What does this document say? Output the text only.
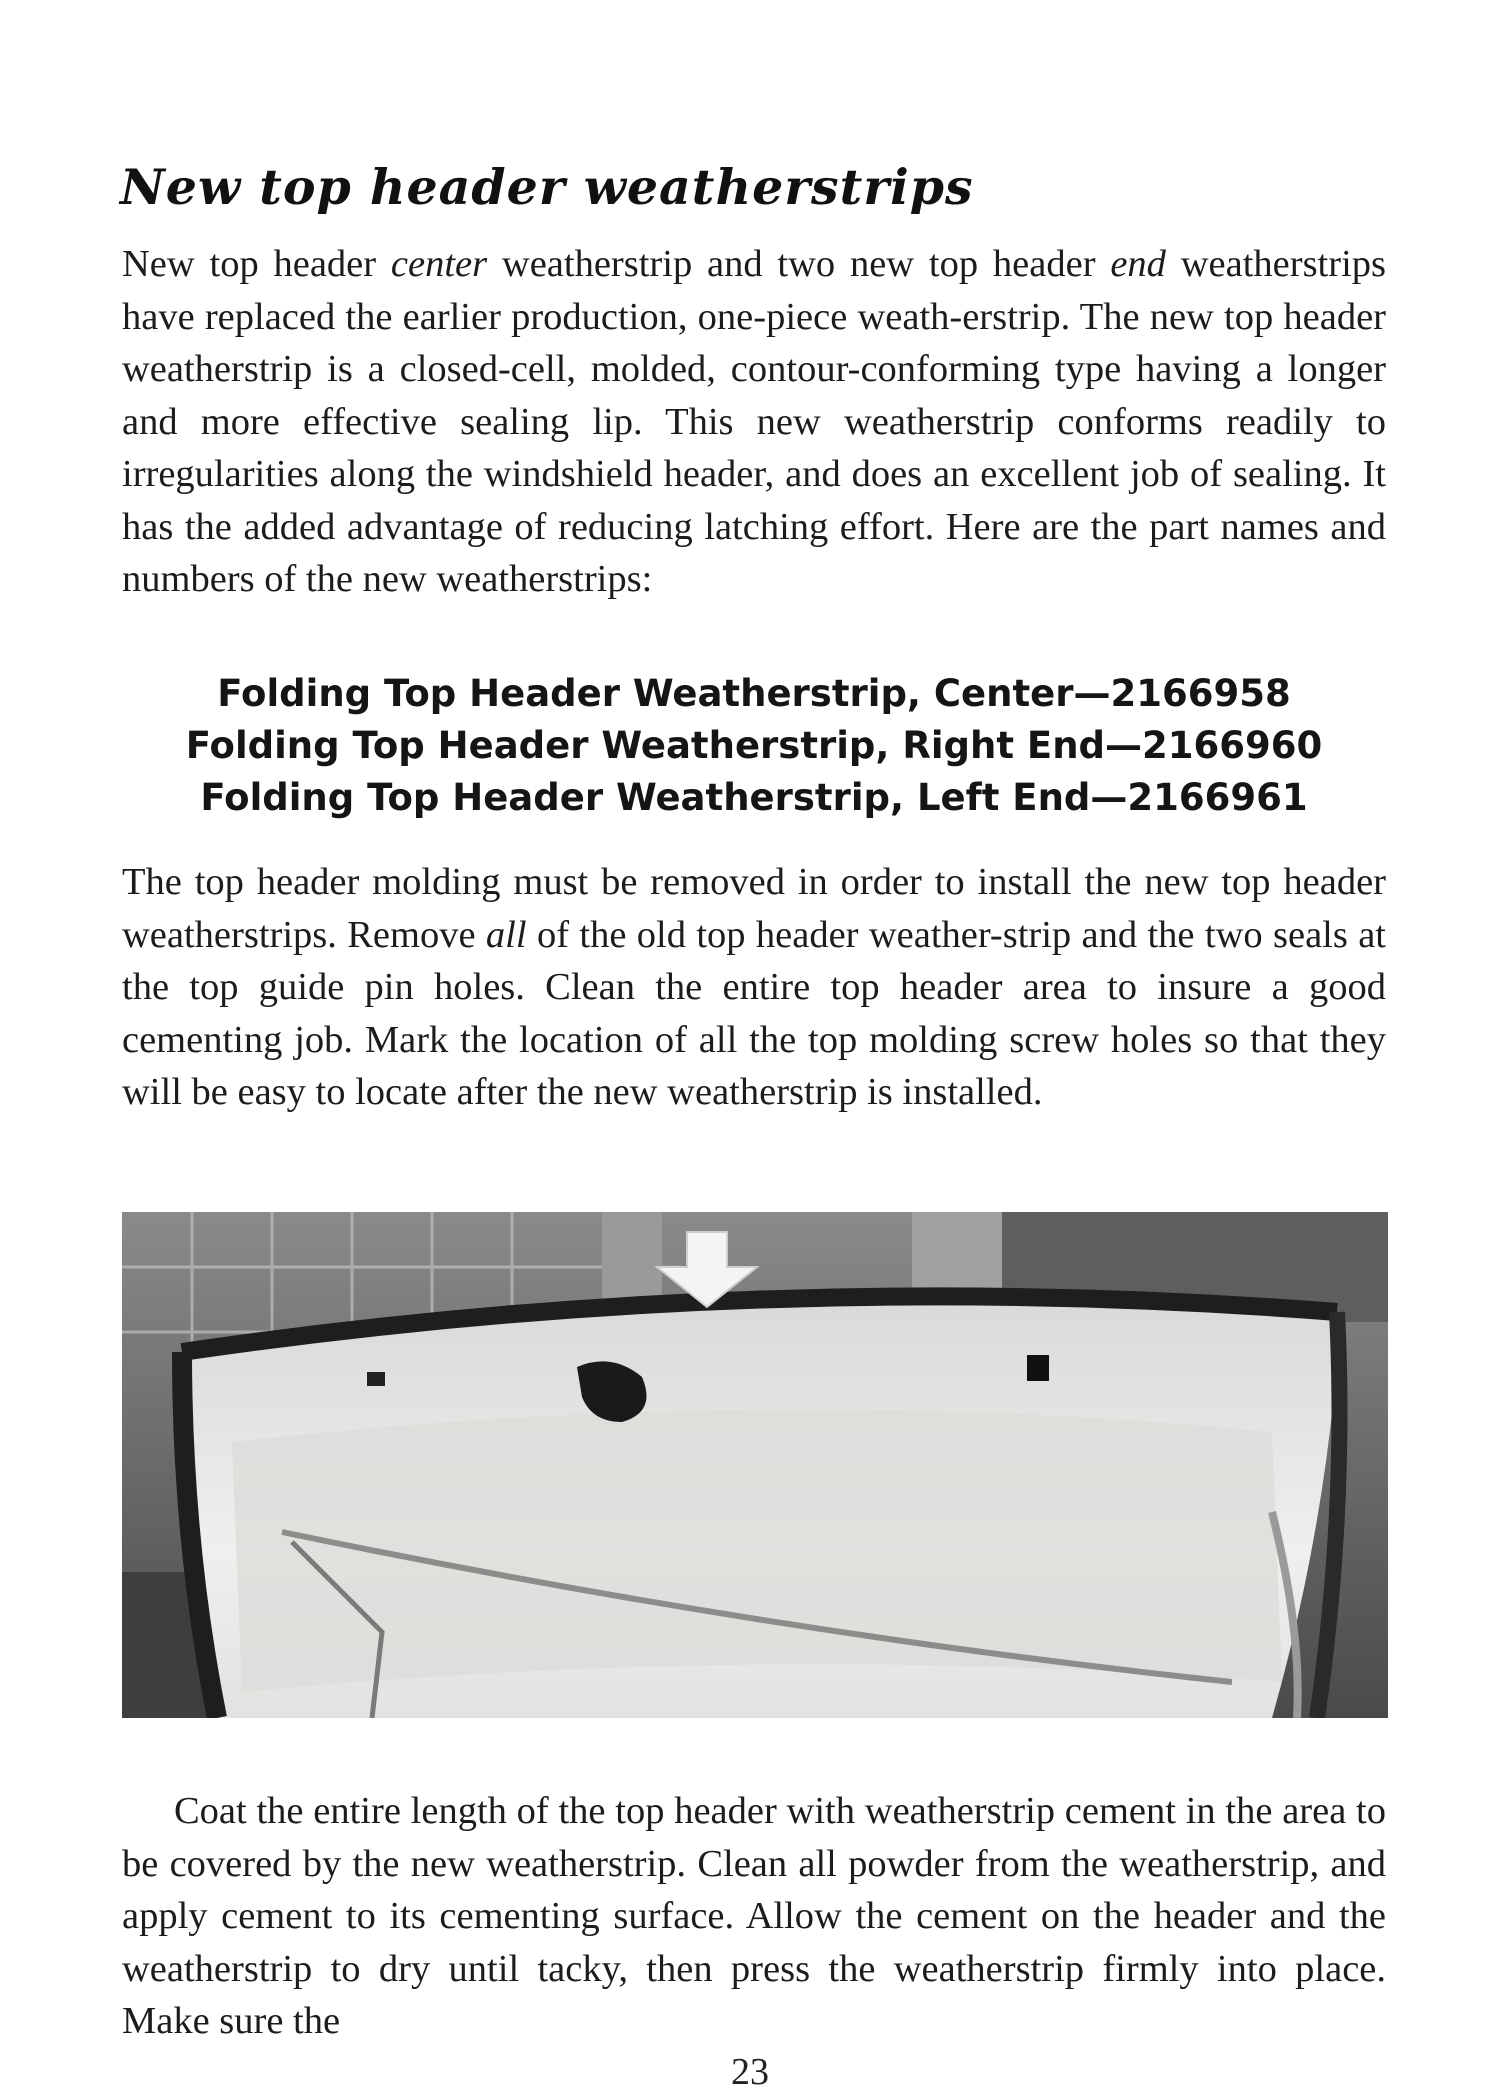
New top header weatherstrips

New top header center weatherstrip and two new top header end weatherstrips have replaced the earlier production, one-piece weath-erstrip. The new top header weatherstrip is a closed-cell, molded, contour-conforming type having a longer and more effective sealing lip. This new weatherstrip conforms readily to irregularities along the windshield header, and does an excellent job of sealing. It has the added advantage of reducing latching effort. Here are the part names and numbers of the new weatherstrips:

Folding Top Header Weatherstrip, Center—2166958
Folding Top Header Weatherstrip, Right End—2166960
Folding Top Header Weatherstrip, Left End—2166961

The top header molding must be removed in order to install the new top header weatherstrips. Remove all of the old top header weather-strip and the two seals at the top guide pin holes. Clean the entire top header area to insure a good cementing job. Mark the location of all the top molding screw holes so that they will be easy to locate after the new weatherstrip is installed.

Coat the entire length of the top header with weatherstrip cement in the area to be covered by the new weatherstrip. Clean all powder from the weatherstrip, and apply cement to its cementing surface. Allow the cement on the header and the weatherstrip to dry until tacky, then press the weatherstrip firmly into place. Make sure the

23
